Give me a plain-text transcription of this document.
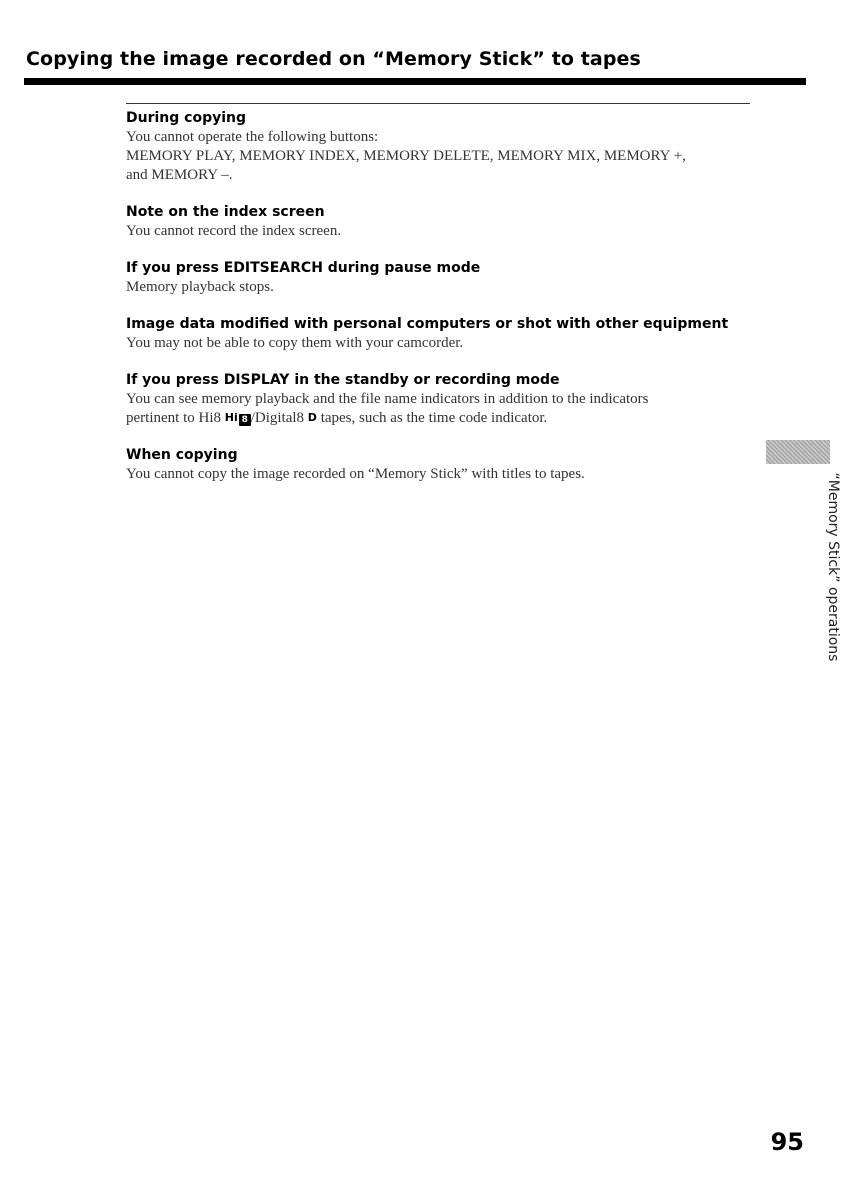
Copying the image recorded on “Memory Stick” to tapes

During copying

You cannot operate the following buttons:
MEMORY PLAY, MEMORY INDEX, MEMORY DELETE, MEMORY MIX, MEMORY +,
and MEMORY –.

Note on the index screen

You cannot record the index screen.

If you press EDITSEARCH during pause mode

Memory playback stops.

Image data modified with personal computers or shot with other equipment

You may not be able to copy them with your camcorder.

If you press DISPLAY in the standby or recording mode

You can see memory playback and the file name indicators in addition to the indicators
pertinent to Hi8 Hi 8 /Digital8 D tapes, such as the time code indicator.

When copying

You cannot copy the image recorded on “Memory Stick” with titles to tapes.	“Memory Stick” operations
95
